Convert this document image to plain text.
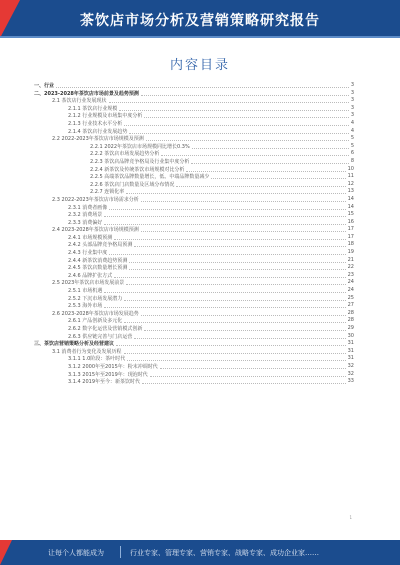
茶饮店市场分析及营销策略研究报告
内容目录
一、行业	3
二、2023-2028年茶饮店市场前景及趋势预测	3
2.1 茶饮店行业发展现状	3
2.1.1 茶饮店行业规模	3
2.1.2 行业规模及市场集中度分析	3
2.1.3 行业技术水平分析	4
2.1.4 茶饮店行业发展趋势	4
2.2 2022-2023年茶饮店市场规模及预测	5
2.2.1 2022年茶饮店市场规模同比增长0.3%	5
2.2.2 茶饮店市场发展趋势分析	6
2.2.3 茶饮店品牌竞争格局及行业集中度分析	8
2.2.4 新茶饮及传统茶饮市场规模对比分析	10
2.2.5 高端茶饮品牌数量增长，低、中端品牌数量减少	11
2.2.6 茶饮店门店数量及区域分布情况	12
2.2.7 连锁化率	13
2.3 2022-2023年茶饮店市场需求分析	14
2.3.1 消费者画像	14
2.3.2 消费场景	15
2.3.3 消费偏好	16
2.4 2023-2028年茶饮店市场规模预测	17
2.4.1 市场规模预测	17
2.4.2 头部品牌竞争格局预测	18
2.4.3 行业集中度	19
2.4.4 新茶饮消费趋势预测	21
2.4.5 茶饮店数量增长预测	22
2.4.6 品牌扩张方式	23
2.5 2023年茶饮店市场发展前景	24
2.5.1 市场机遇	24
2.5.2 下沉市场发展潜力	25
2.5.3 海外市场	27
2.6 2023-2028年茶饮店市场发展趋势	28
2.6.1 产品创新及多元化	28
2.6.2 数字化运营及营销模式创新	29
2.6.3 供应链完善与门店运营	30
三、茶饮店营销策略分析及经营建议	31
3.1 消费者行为变化及发展历程	31
3.1.1 1.0阶段：茶叶时代	31
3.1.2 2000年至2015年：粉末冲调时代	32
3.1.3 2015年至2019年：现泡时代	32
3.1.4 2019年至今：新茶饮时代	33
1
让每个人都能成为	行业专家、管理专家、营销专家、战略专家、成功企业家……
